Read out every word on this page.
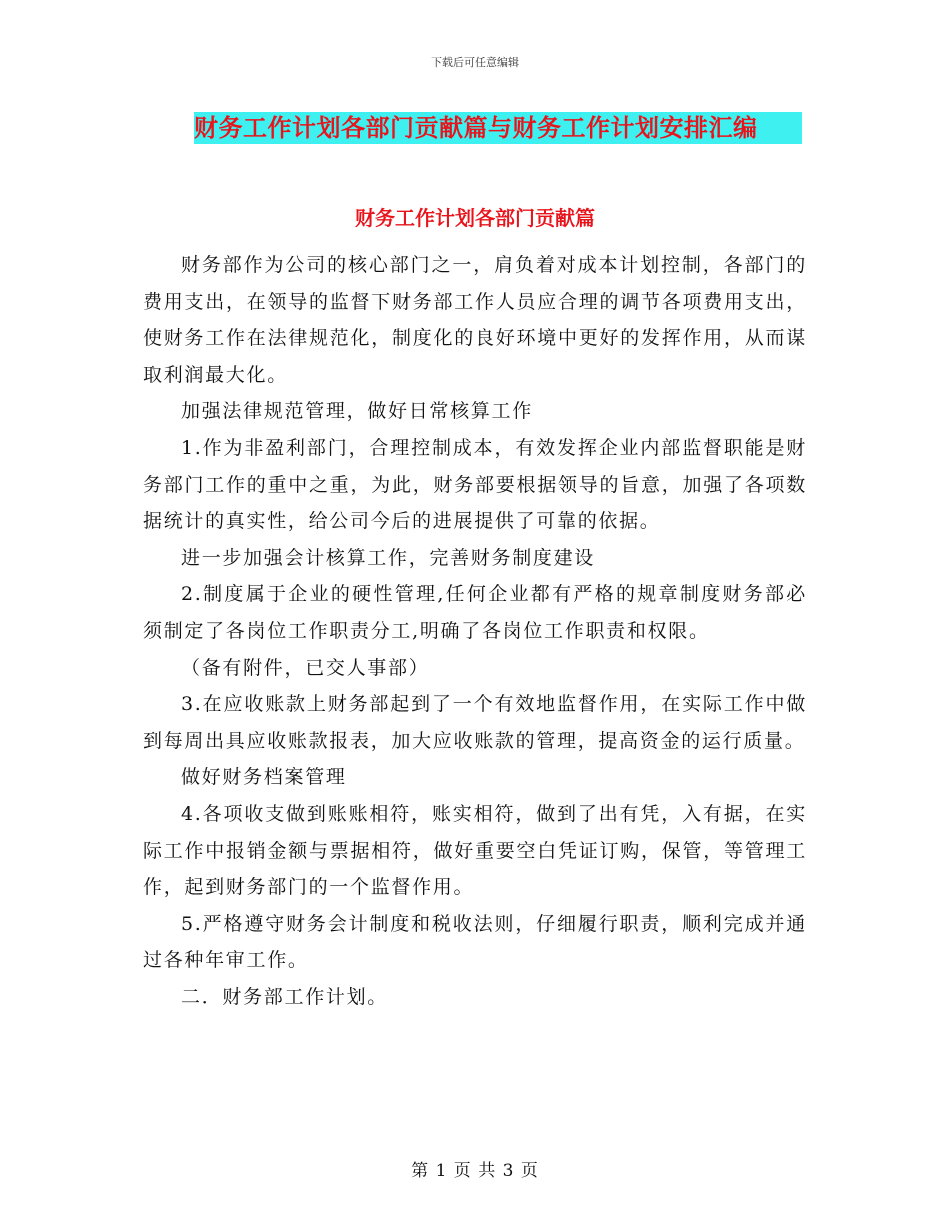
下载后可任意编辑
财务工作计划各部门贡献篇与财务工作计划安排汇编
财务工作计划各部门贡献篇

财务部作为公司的核心部门之一，肩负着对成本计划控制，各部门的费用支出，在领导的监督下财务部工作人员应合理的调节各项费用支出，使财务工作在法律规范化，制度化的良好环境中更好的发挥作用，从而谋取利润最大化。

加强法律规范管理，做好日常核算工作

1.作为非盈利部门，合理控制成本，有效发挥企业内部监督职能是财务部门工作的重中之重，为此，财务部要根据领导的旨意，加强了各项数据统计的真实性，给公司今后的进展提供了可靠的依据。

进一步加强会计核算工作，完善财务制度建设

2.制度属于企业的硬性管理,任何企业都有严格的规章制度财务部必须制定了各岗位工作职责分工,明确了各岗位工作职责和权限。

（备有附件，已交人事部）

3.在应收账款上财务部起到了一个有效地监督作用，在实际工作中做到每周出具应收账款报表，加大应收账款的管理，提高资金的运行质量。

做好财务档案管理

4.各项收支做到账账相符，账实相符，做到了出有凭，入有据，在实际工作中报销金额与票据相符，做好重要空白凭证订购，保管，等管理工作，起到财务部门的一个监督作用。

5.严格遵守财务会计制度和税收法则，仔细履行职责，顺利完成并通过各种年审工作。

二．财务部工作计划。

第 1 页 共 3 页
